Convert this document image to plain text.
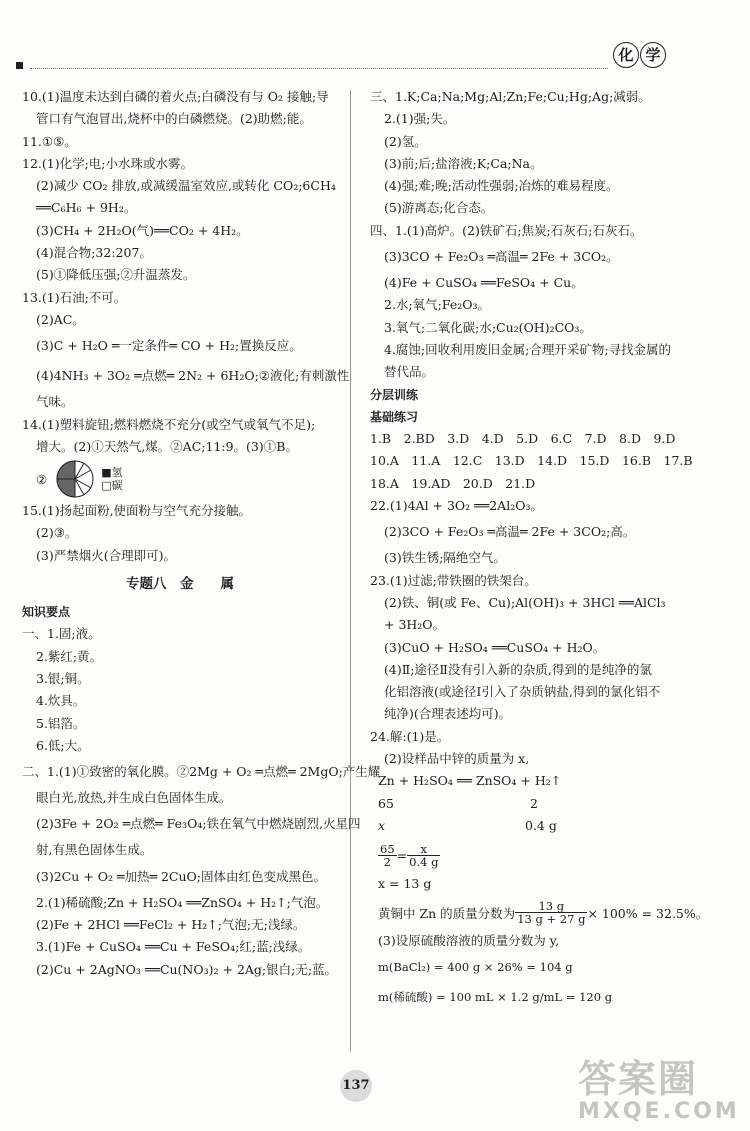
化 学
10.(1)温度未达到白磷的着火点;白磷没有与 O₂ 接触;导
管口有气泡冒出,烧杯中的白磷燃烧。(2)助燃;能。
11.①⑤。
12.(1)化学;电;小水珠或水雾。
(2)减少 CO₂ 排放,或减缓温室效应,或转化 CO₂;6CH₄
══C₆H₆ + 9H₂。
(3)CH₄ + 2H₂O(气)══CO₂ + 4H₂。
(4)混合物;32:207。
(5)①降低压强;②升温蒸发。
13.(1)石油;不可。
(2)AC。
(3)C + H₂O ═一定条件═ CO + H₂;置换反应。
(4)4NH₃ + 3O₂ ═点燃═ 2N₂ + 6H₂O;②液化;有刺激性
气味。
14.(1)塑料旋钮;燃料燃烧不充分(或空气或氧气不足);
增大。(2)①天然气,煤。②AC;11:9。(3)①B。
②	■氢
□碳
15.(1)扬起面粉,使面粉与空气充分接触。
(2)③。
(3)严禁烟火(合理即可)。
专题八　金　　属
知识要点
一、1.固;液。
2.紫红;黄。
3.银;铜。
4.炊具。
5.铝箔。
6.低;大。
二、1.(1)①致密的氧化膜。②2Mg + O₂ ═点燃═ 2MgO;产生耀
眼白光,放热,并生成白色固体生成。
(2)3Fe + 2O₂ ═点燃═ Fe₃O₄;铁在氧气中燃烧剧烈,火星四
射,有黑色固体生成。
(3)2Cu + O₂ ═加热═ 2CuO;固体由红色变成黑色。
2.(1)稀硫酸;Zn + H₂SO₄ ══ZnSO₄ + H₂↑;气泡。
(2)Fe + 2HCl ══FeCl₂ + H₂↑;气泡;无;浅绿。
3.(1)Fe + CuSO₄ ══Cu + FeSO₄;红;蓝;浅绿。
(2)Cu + 2AgNO₃ ══Cu(NO₃)₂ + 2Ag;银白;无;蓝。
三、1.K;Ca;Na;Mg;Al;Zn;Fe;Cu;Hg;Ag;减弱。
2.(1)强;失。
(2)氢。
(3)前;后;盐溶液;K;Ca;Na。
(4)强;难;晚;活动性强弱;冶炼的难易程度。
(5)游离态;化合态。
四、1.(1)高炉。(2)铁矿石;焦炭;石灰石;石灰石。
(3)3CO + Fe₂O₃ ═高温═ 2Fe + 3CO₂。
(4)Fe + CuSO₄ ══FeSO₄ + Cu。
2.水;氧气;Fe₂O₃。
3.氧气;二氧化碳;水;Cu₂(OH)₂CO₃。
4.腐蚀;回收利用废旧金属;合理开采矿物;寻找金属的
替代品。
分层训练
基础练习
1.B　2.BD　3.D　4.D　5.D　6.C　7.D　8.D　9.D
10.A　11.A　12.C　13.D　14.D　15.D　16.B　17.B
18.A　19.AD　20.D　21.D
22.(1)4Al + 3O₂ ══2Al₂O₃。
(2)3CO + Fe₂O₃ ═高温═ 2Fe + 3CO₂;高。
(3)铁生锈;隔绝空气。
23.(1)过滤;带铁圈的铁架台。
(2)铁、铜(或 Fe、Cu);Al(OH)₃ + 3HCl ══AlCl₃
+ 3H₂O。
(3)CuO + H₂SO₄ ══CuSO₄ + H₂O。
(4)Ⅱ;途径Ⅱ没有引入新的杂质,得到的是纯净的氯
化铝溶液(或途径Ⅰ引入了杂质钠盐,得到的氯化铝不
纯净)(合理表述均可)。
24.解:(1)是。
(2)设样品中锌的质量为 x,
Zn + H₂SO₄ ══ ZnSO₄ + H₂↑
65	2
x	0.4 g
$\frac{65}{2} = \frac{x}{0.4 g}$
x = 13 g
黄铜中 Zn 的质量分数为 $\frac{13 g}{13 g + 27 g} \times 100\% = 32.5\%$。
(3)设原硫酸溶液的质量分数为 y,
m(BaCl₂) = 400 g × 26% = 104 g
m(稀硫酸) = 100 mL × 1.2 g/mL = 120 g
137	答案圈
MXQE.COM
